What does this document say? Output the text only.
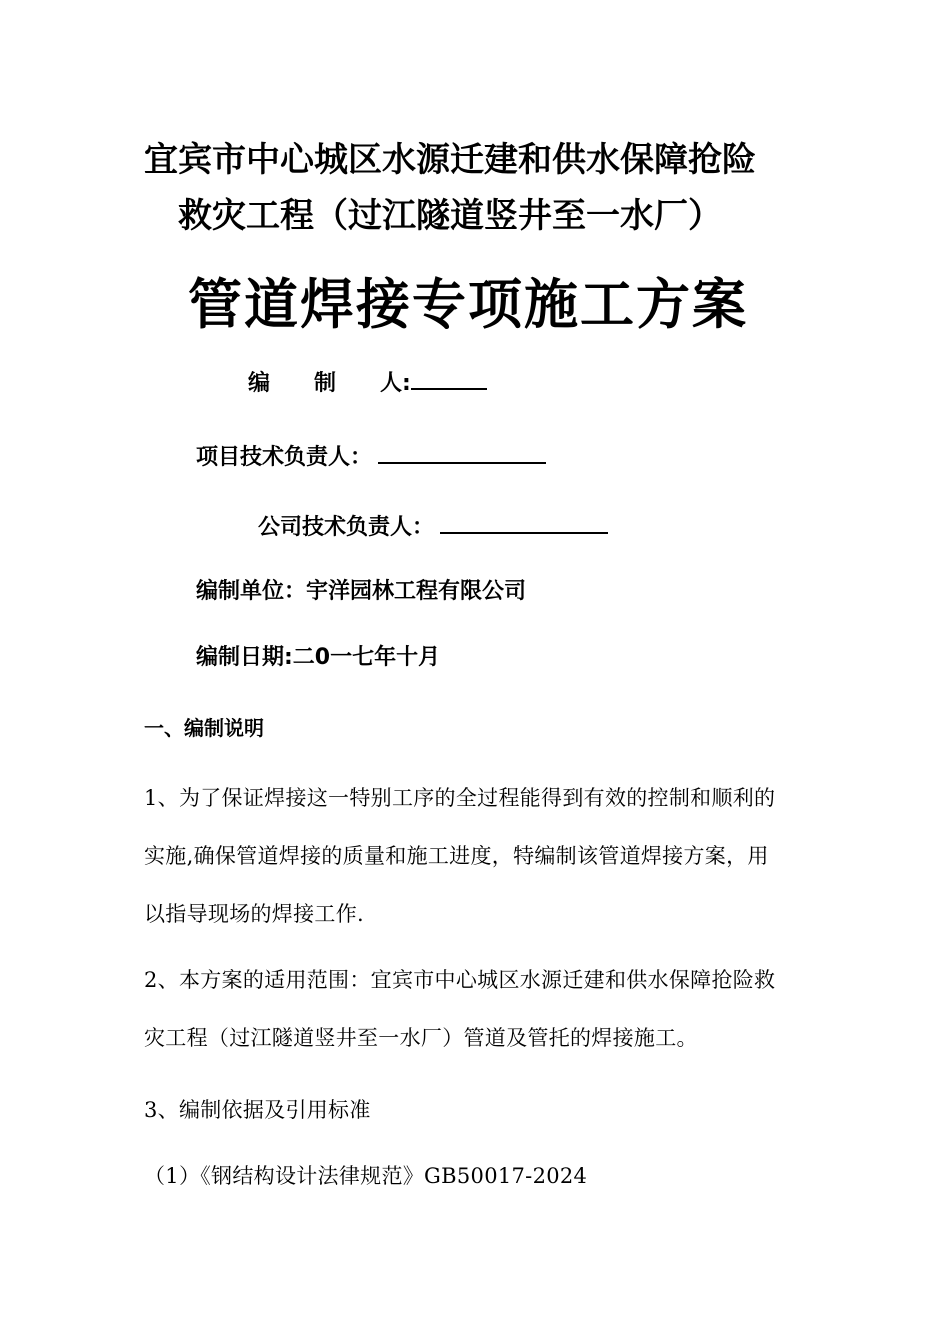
宜宾市中心城区水源迁建和供水保障抢险
救灾工程（过江隧道竖井至一水厂）
管道焊接专项施工方案
编　　制　　人:
项目技术负责人：
公司技术负责人：
编制单位：宇洋园林工程有限公司
编制日期:二0一七年十月
一、编制说明
1、为了保证焊接这一特别工序的全过程能得到有效的控制和顺利的
实施,确保管道焊接的质量和施工进度，特编制该管道焊接方案，用
以指导现场的焊接工作.
2、本方案的适用范围：宜宾市中心城区水源迁建和供水保障抢险救
灾工程（过江隧道竖井至一水厂）管道及管托的焊接施工。
3、编制依据及引用标准
（1）《钢结构设计法律规范》GB50017-2024
